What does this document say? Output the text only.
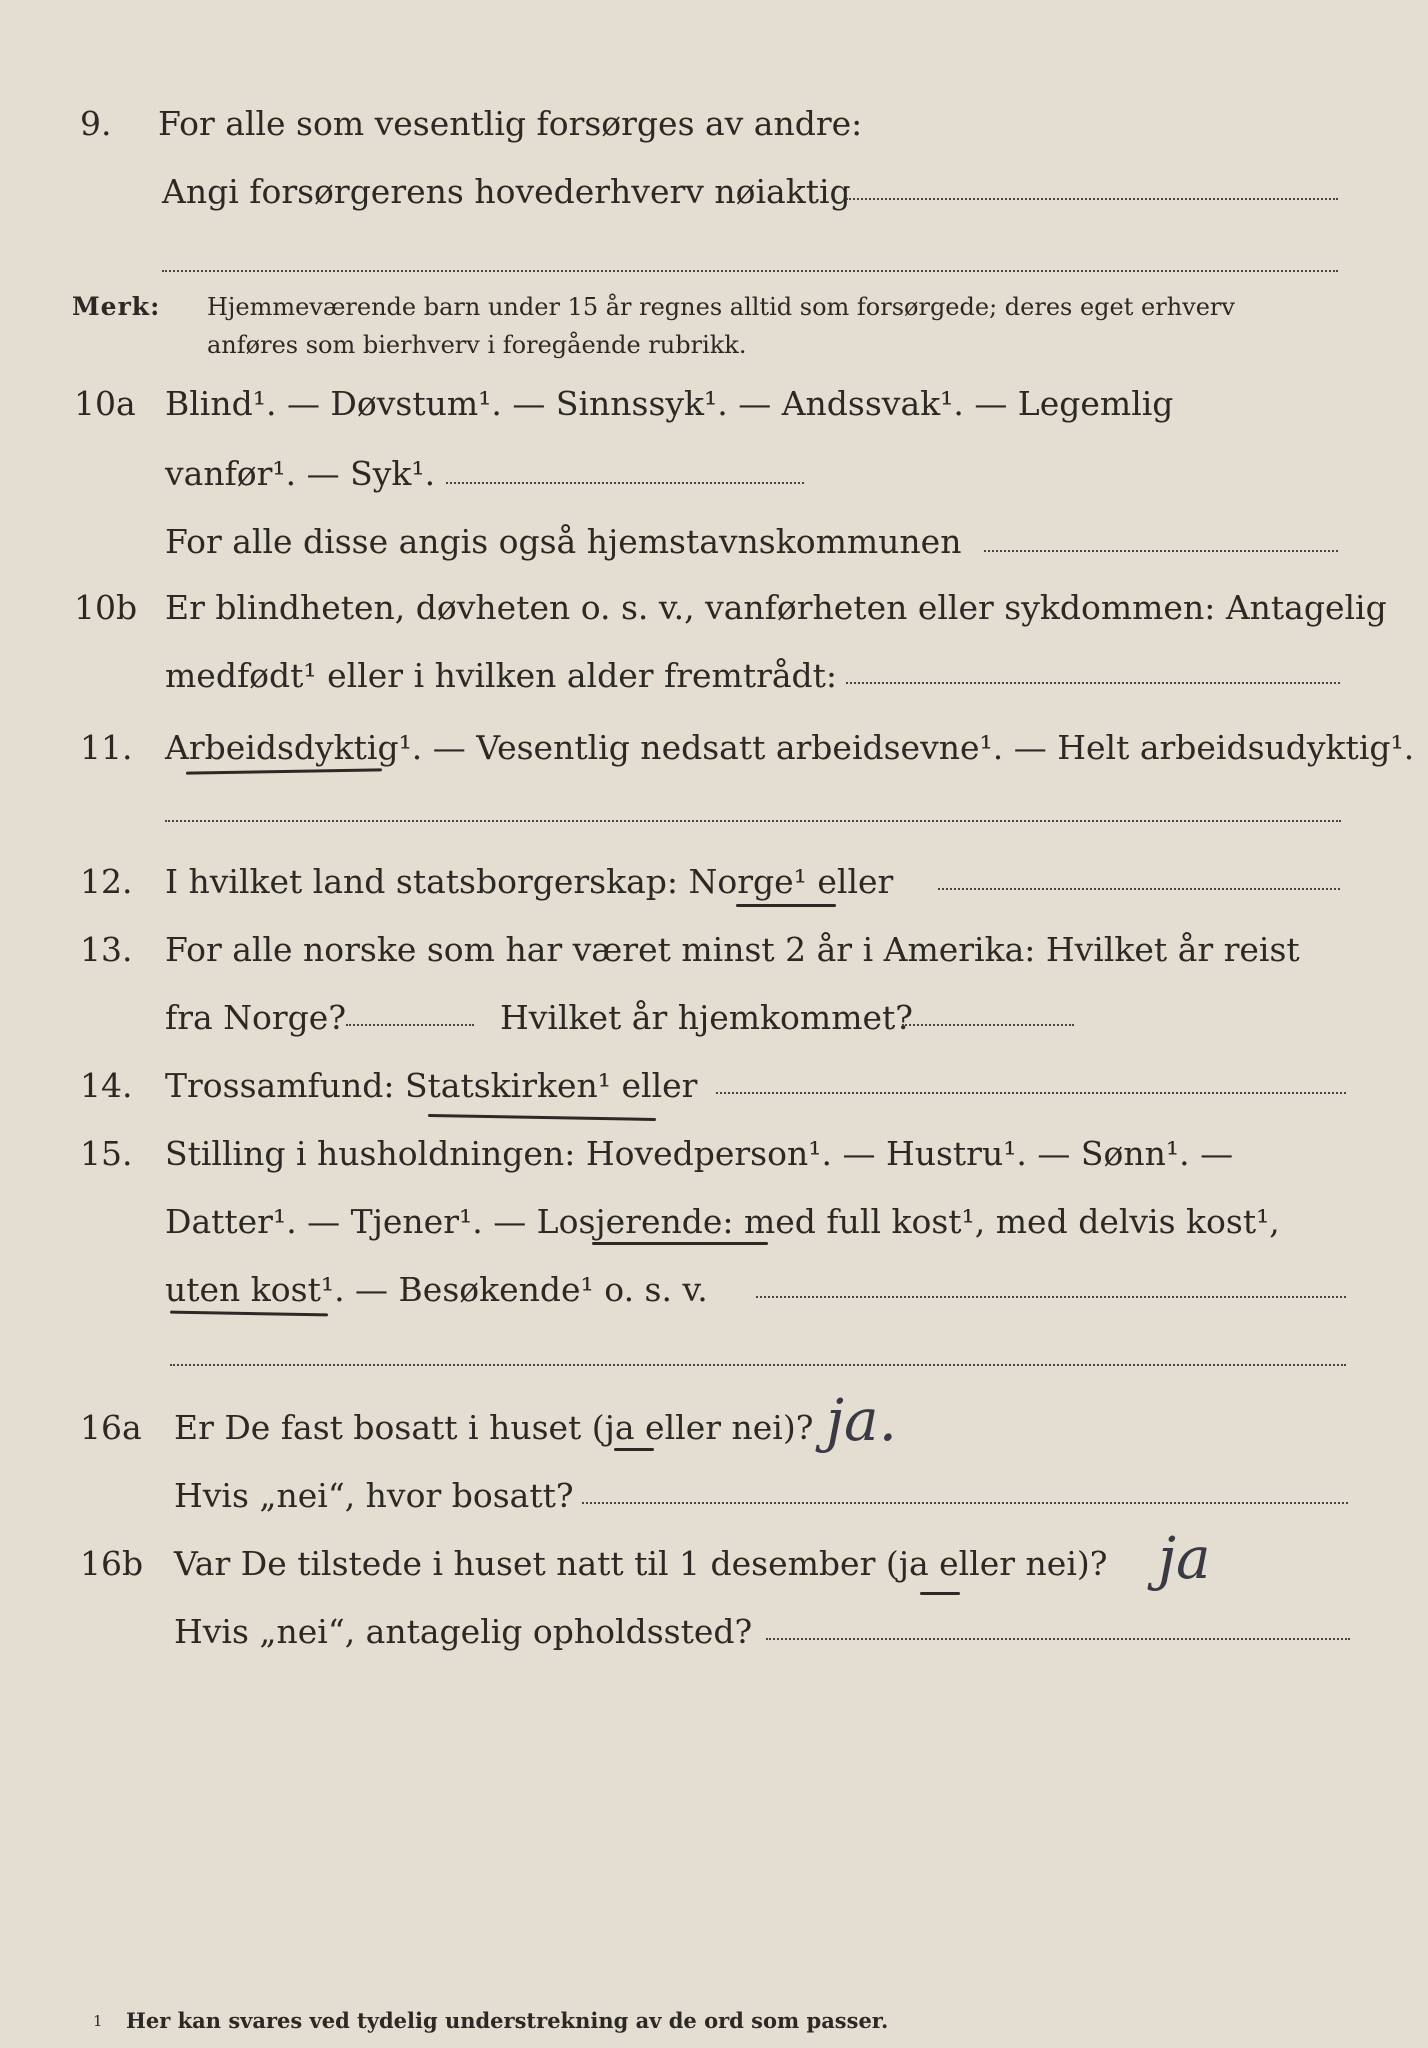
9. For alle som vesentlig forsørges av andre:
Angi forsørgerens hovederhverv nøiaktig
Merk: Hjemmeværende barn under 15 år regnes alltid som forsørgede; deres eget erhverv
anføres som bierhverv i foregående rubrikk.
10a Blind¹. — Døvstum¹. — Sinnssyk¹. — Andssvak¹. — Legemlig
vanfør¹. — Syk¹.
For alle disse angis også hjemstavnskommunen
10b Er blindheten, døvheten o. s. v., vanførheten eller sykdommen: Antagelig
medfødt¹ eller i hvilken alder fremtrådt:
11. Arbeidsdyktig¹. — Vesentlig nedsatt arbeidsevne¹. — Helt arbeidsudyktig¹.
12. I hvilket land statsborgerskap: Norge¹ eller
13. For alle norske som har været minst 2 år i Amerika: Hvilket år reist
fra Norge?	Hvilket år hjemkommet?
14. Trossamfund: Statskirken¹ eller
15. Stilling i husholdningen: Hovedperson¹. — Hustru¹. — Sønn¹. —
Datter¹. — Tjener¹. — Losjerende: med full kost¹, med delvis kost¹,
uten kost¹. — Besøkende¹ o. s. v.
16a Er De fast bosatt i huset (ja eller nei)? ja.
Hvis „nei“, hvor bosatt?
16b Var De tilstede i huset natt til 1 desember (ja eller nei)? ja
Hvis „nei“, antagelig opholdssted?
1 Her kan svares ved tydelig understrekning av de ord som passer.
